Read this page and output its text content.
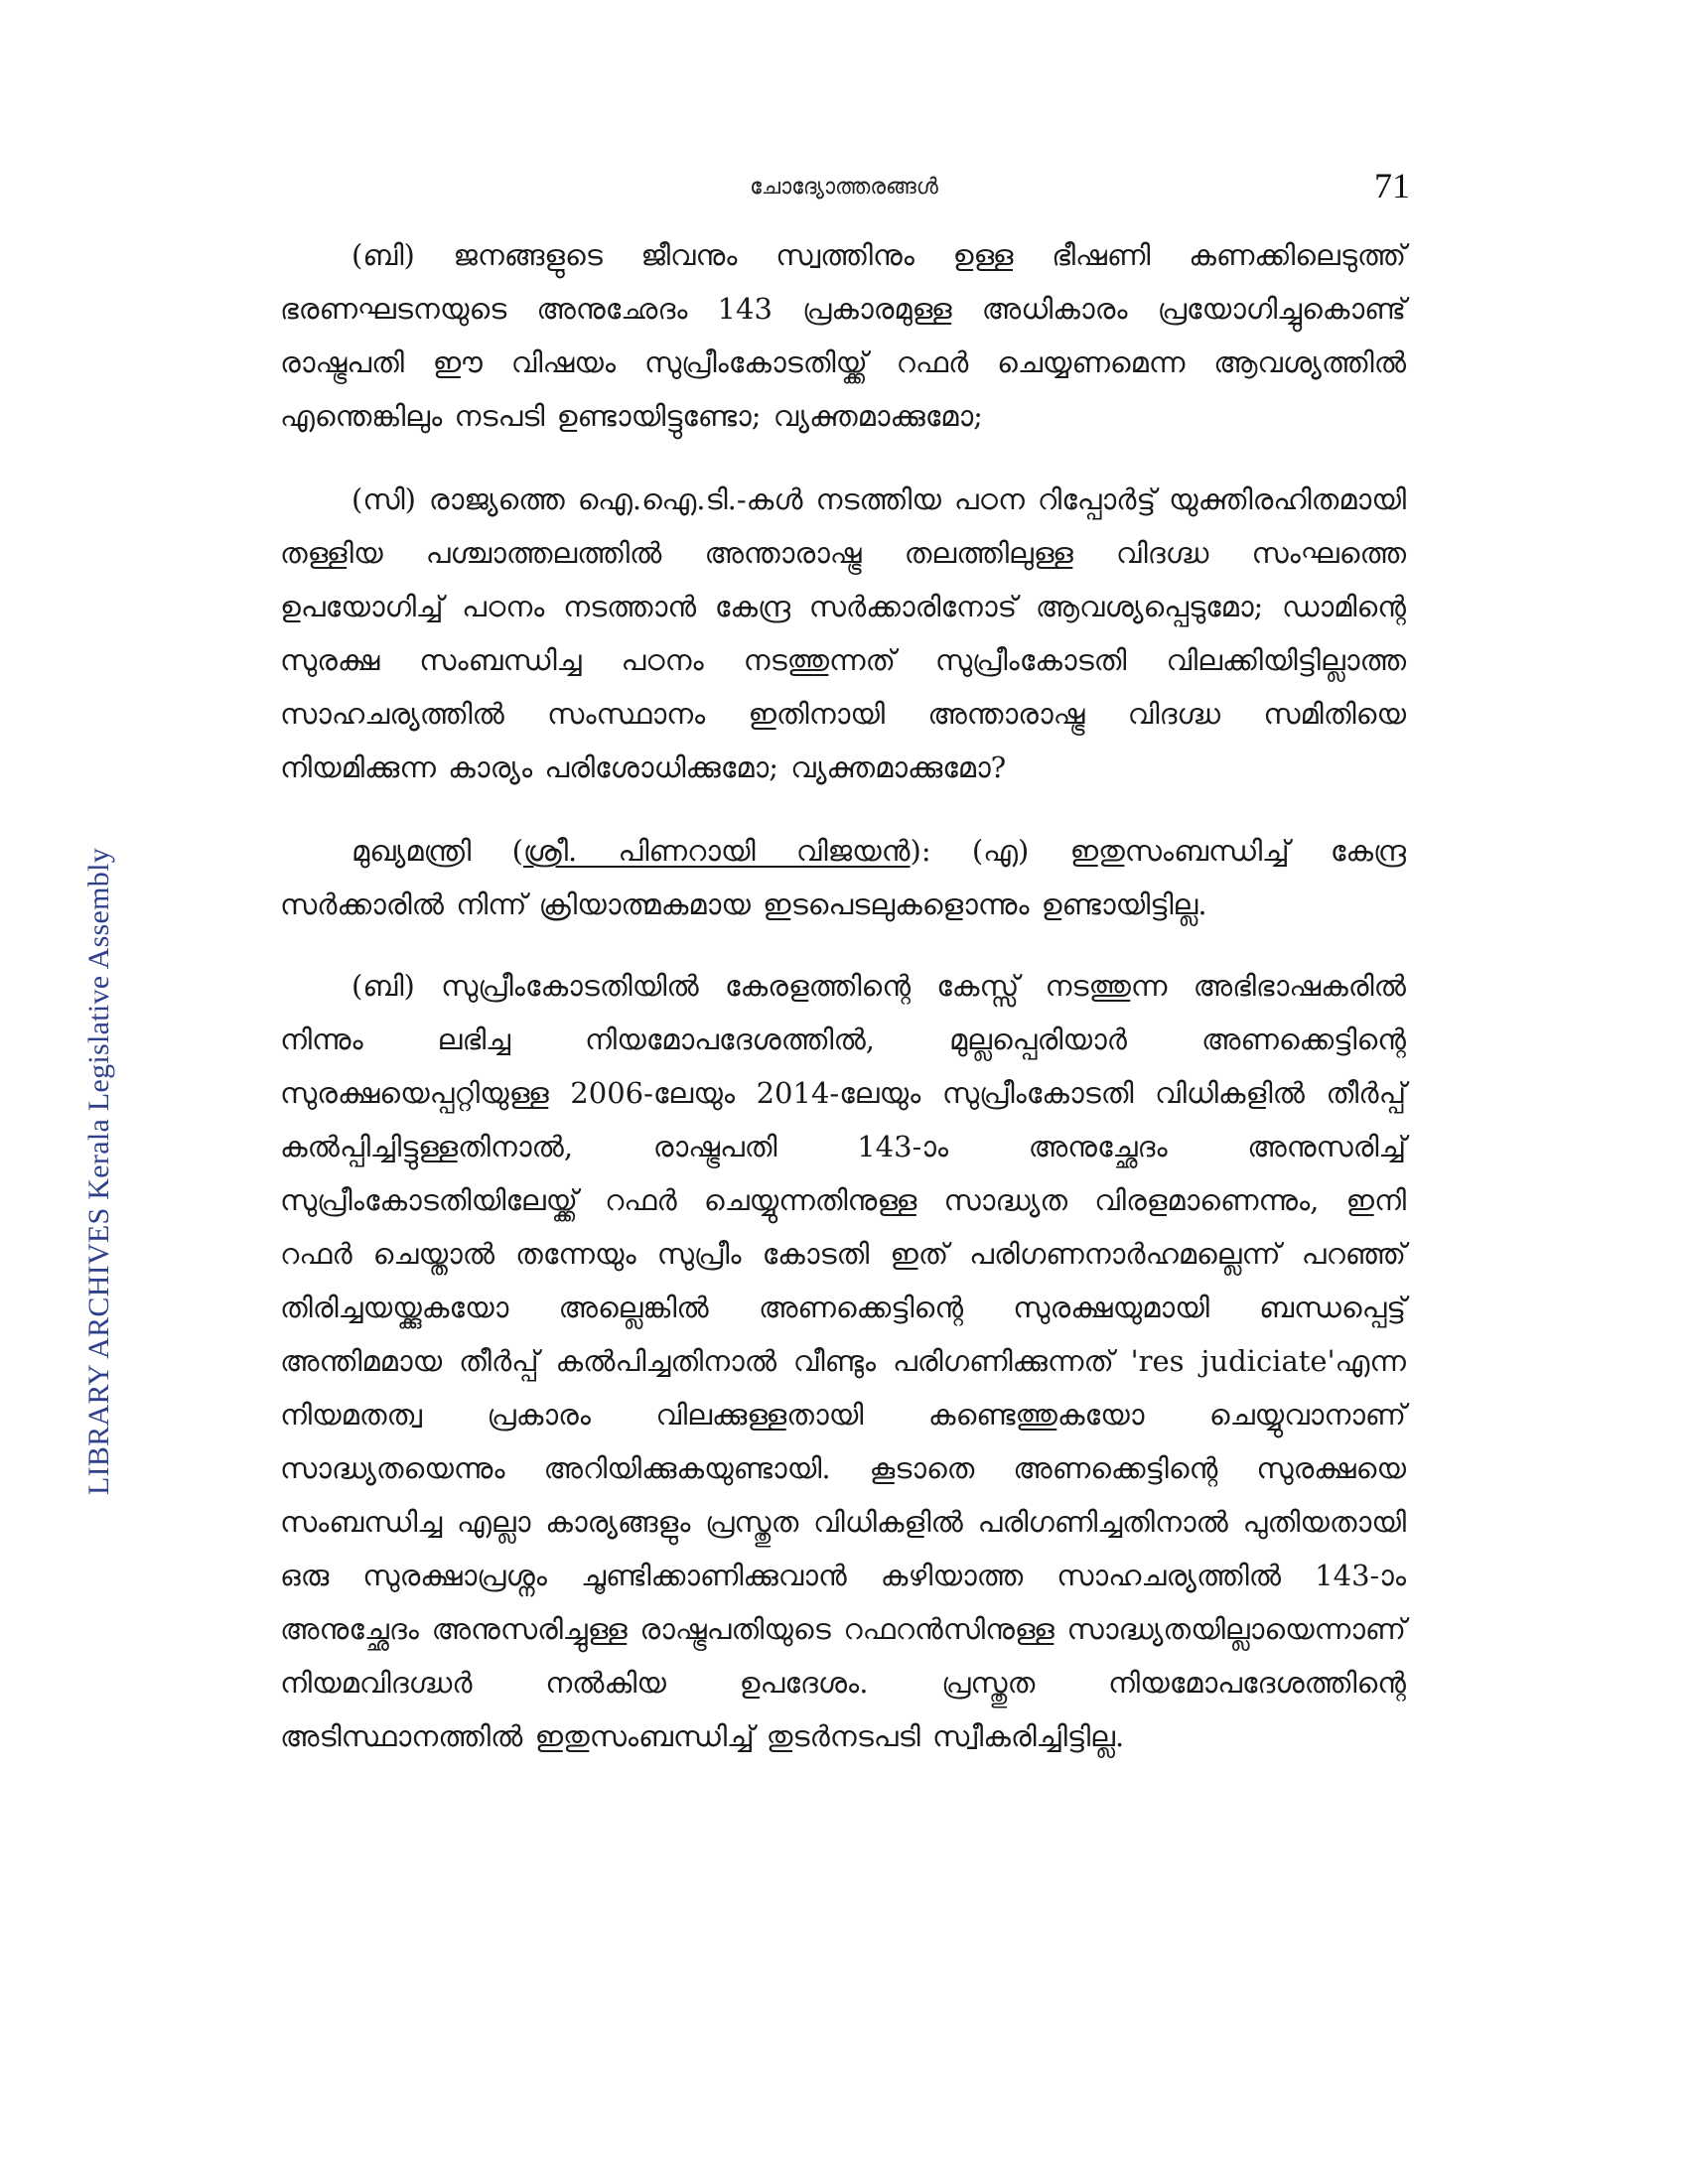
ചോദ്യോത്തരങ്ങൾ	71
LIBRARY ARCHIVES Kerala Legislative Assembly

(ബി) ജനങ്ങളുടെ ജീവനും സ്വത്തിനും ഉള്ള ഭീഷണി കണക്കിലെടുത്ത് ഭരണഘടനയുടെ അനുഛേദം 143 പ്രകാരമുള്ള അധികാരം പ്രയോഗിച്ചുകൊണ്ട് രാഷ്ട്രപതി ഈ വിഷയം സുപ്രീംകോടതിയ്ക്ക് റഫർ ചെയ്യണമെന്ന ആവശ്യത്തിൽ എന്തെങ്കിലും നടപടി ഉണ്ടായിട്ടുണ്ടോ; വ്യക്തമാക്കുമോ;

(സി) രാജ്യത്തെ ഐ.ഐ.ടി.-കൾ നടത്തിയ പഠന റിപ്പോർട്ട് യുക്തിരഹിതമായി തള്ളിയ പശ്ചാത്തലത്തിൽ അന്താരാഷ്ട്ര തലത്തിലുള്ള വിദഗ്ദ്ധ സംഘത്തെ ഉപയോഗിച്ച് പഠനം നടത്താൻ കേന്ദ്ര സർക്കാരിനോട് ആവശ്യപ്പെടുമോ; ഡാമിന്റെ സുരക്ഷ സംബന്ധിച്ച പഠനം നടത്തുന്നത് സുപ്രീംകോടതി വിലക്കിയിട്ടില്ലാത്ത സാഹചര്യത്തിൽ സംസ്ഥാനം ഇതിനായി അന്താരാഷ്ട്ര വിദഗ്ദ്ധ സമിതിയെ നിയമിക്കുന്ന കാര്യം പരിശോധിക്കുമോ; വ്യക്തമാക്കുമോ?

മുഖ്യമന്ത്രി (ശ്രീ. പിണറായി വിജയൻ): (എ) ഇതുസംബന്ധിച്ച് കേന്ദ്ര സർക്കാരിൽ നിന്ന് ക്രിയാത്മകമായ ഇടപെടലുകളൊന്നും ഉണ്ടായിട്ടില്ല.

(ബി) സുപ്രീംകോടതിയിൽ കേരളത്തിന്റെ കേസ്സ് നടത്തുന്ന അഭിഭാഷകരിൽ നിന്നും ലഭിച്ച നിയമോപദേശത്തിൽ, മുല്ലപ്പെരിയാർ അണക്കെട്ടിന്റെ സുരക്ഷയെപ്പറ്റിയുള്ള 2006-ലേയും 2014-ലേയും സുപ്രീംകോടതി വിധികളിൽ തീർപ്പ് കൽപ്പിച്ചിട്ടുള്ളതിനാൽ, രാഷ്ട്രപതി 143-ാം അനുച്ഛേദം അനുസരിച്ച് സുപ്രീംകോടതിയിലേയ്ക്ക് റഫർ ചെയ്യുന്നതിനുള്ള സാദ്ധ്യത വിരളമാണെന്നും, ഇനി റഫർ ചെയ്താൽ തന്നേയും സുപ്രീം കോടതി ഇത് പരിഗണനാർഹമല്ലെന്ന് പറഞ്ഞ് തിരിച്ചയയ്ക്കുകയോ അല്ലെങ്കിൽ അണക്കെട്ടിന്റെ സുരക്ഷയുമായി ബന്ധപ്പെട്ട് അന്തിമമായ തീർപ്പ് കൽപിച്ചതിനാൽ വീണ്ടും പരിഗണിക്കുന്നത് 'res judiciate'എന്ന നിയമതത്വ പ്രകാരം വിലക്കുള്ളതായി കണ്ടെത്തുകയോ ചെയ്യുവാനാണ് സാദ്ധ്യതയെന്നും അറിയിക്കുകയുണ്ടായി. കൂടാതെ അണക്കെട്ടിന്റെ സുരക്ഷയെ സംബന്ധിച്ച എല്ലാ കാര്യങ്ങളും പ്രസ്തുത വിധികളിൽ പരിഗണിച്ചതിനാൽ പുതിയതായി ഒരു സുരക്ഷാപ്രശ്നം ചൂണ്ടിക്കാണിക്കുവാൻ കഴിയാത്ത സാഹചര്യത്തിൽ 143-ാം അനുച്ഛേദം അനുസരിച്ചുള്ള രാഷ്ട്രപതിയുടെ റഫറൻസിനുള്ള സാദ്ധ്യതയില്ലായെന്നാണ് നിയമവിദഗ്ദ്ധർ നൽകിയ ഉപദേശം. പ്രസ്തുത നിയമോപദേശത്തിന്റെ അടിസ്ഥാനത്തിൽ ഇതുസംബന്ധിച്ച് തുടർനടപടി സ്വീകരിച്ചിട്ടില്ല.
